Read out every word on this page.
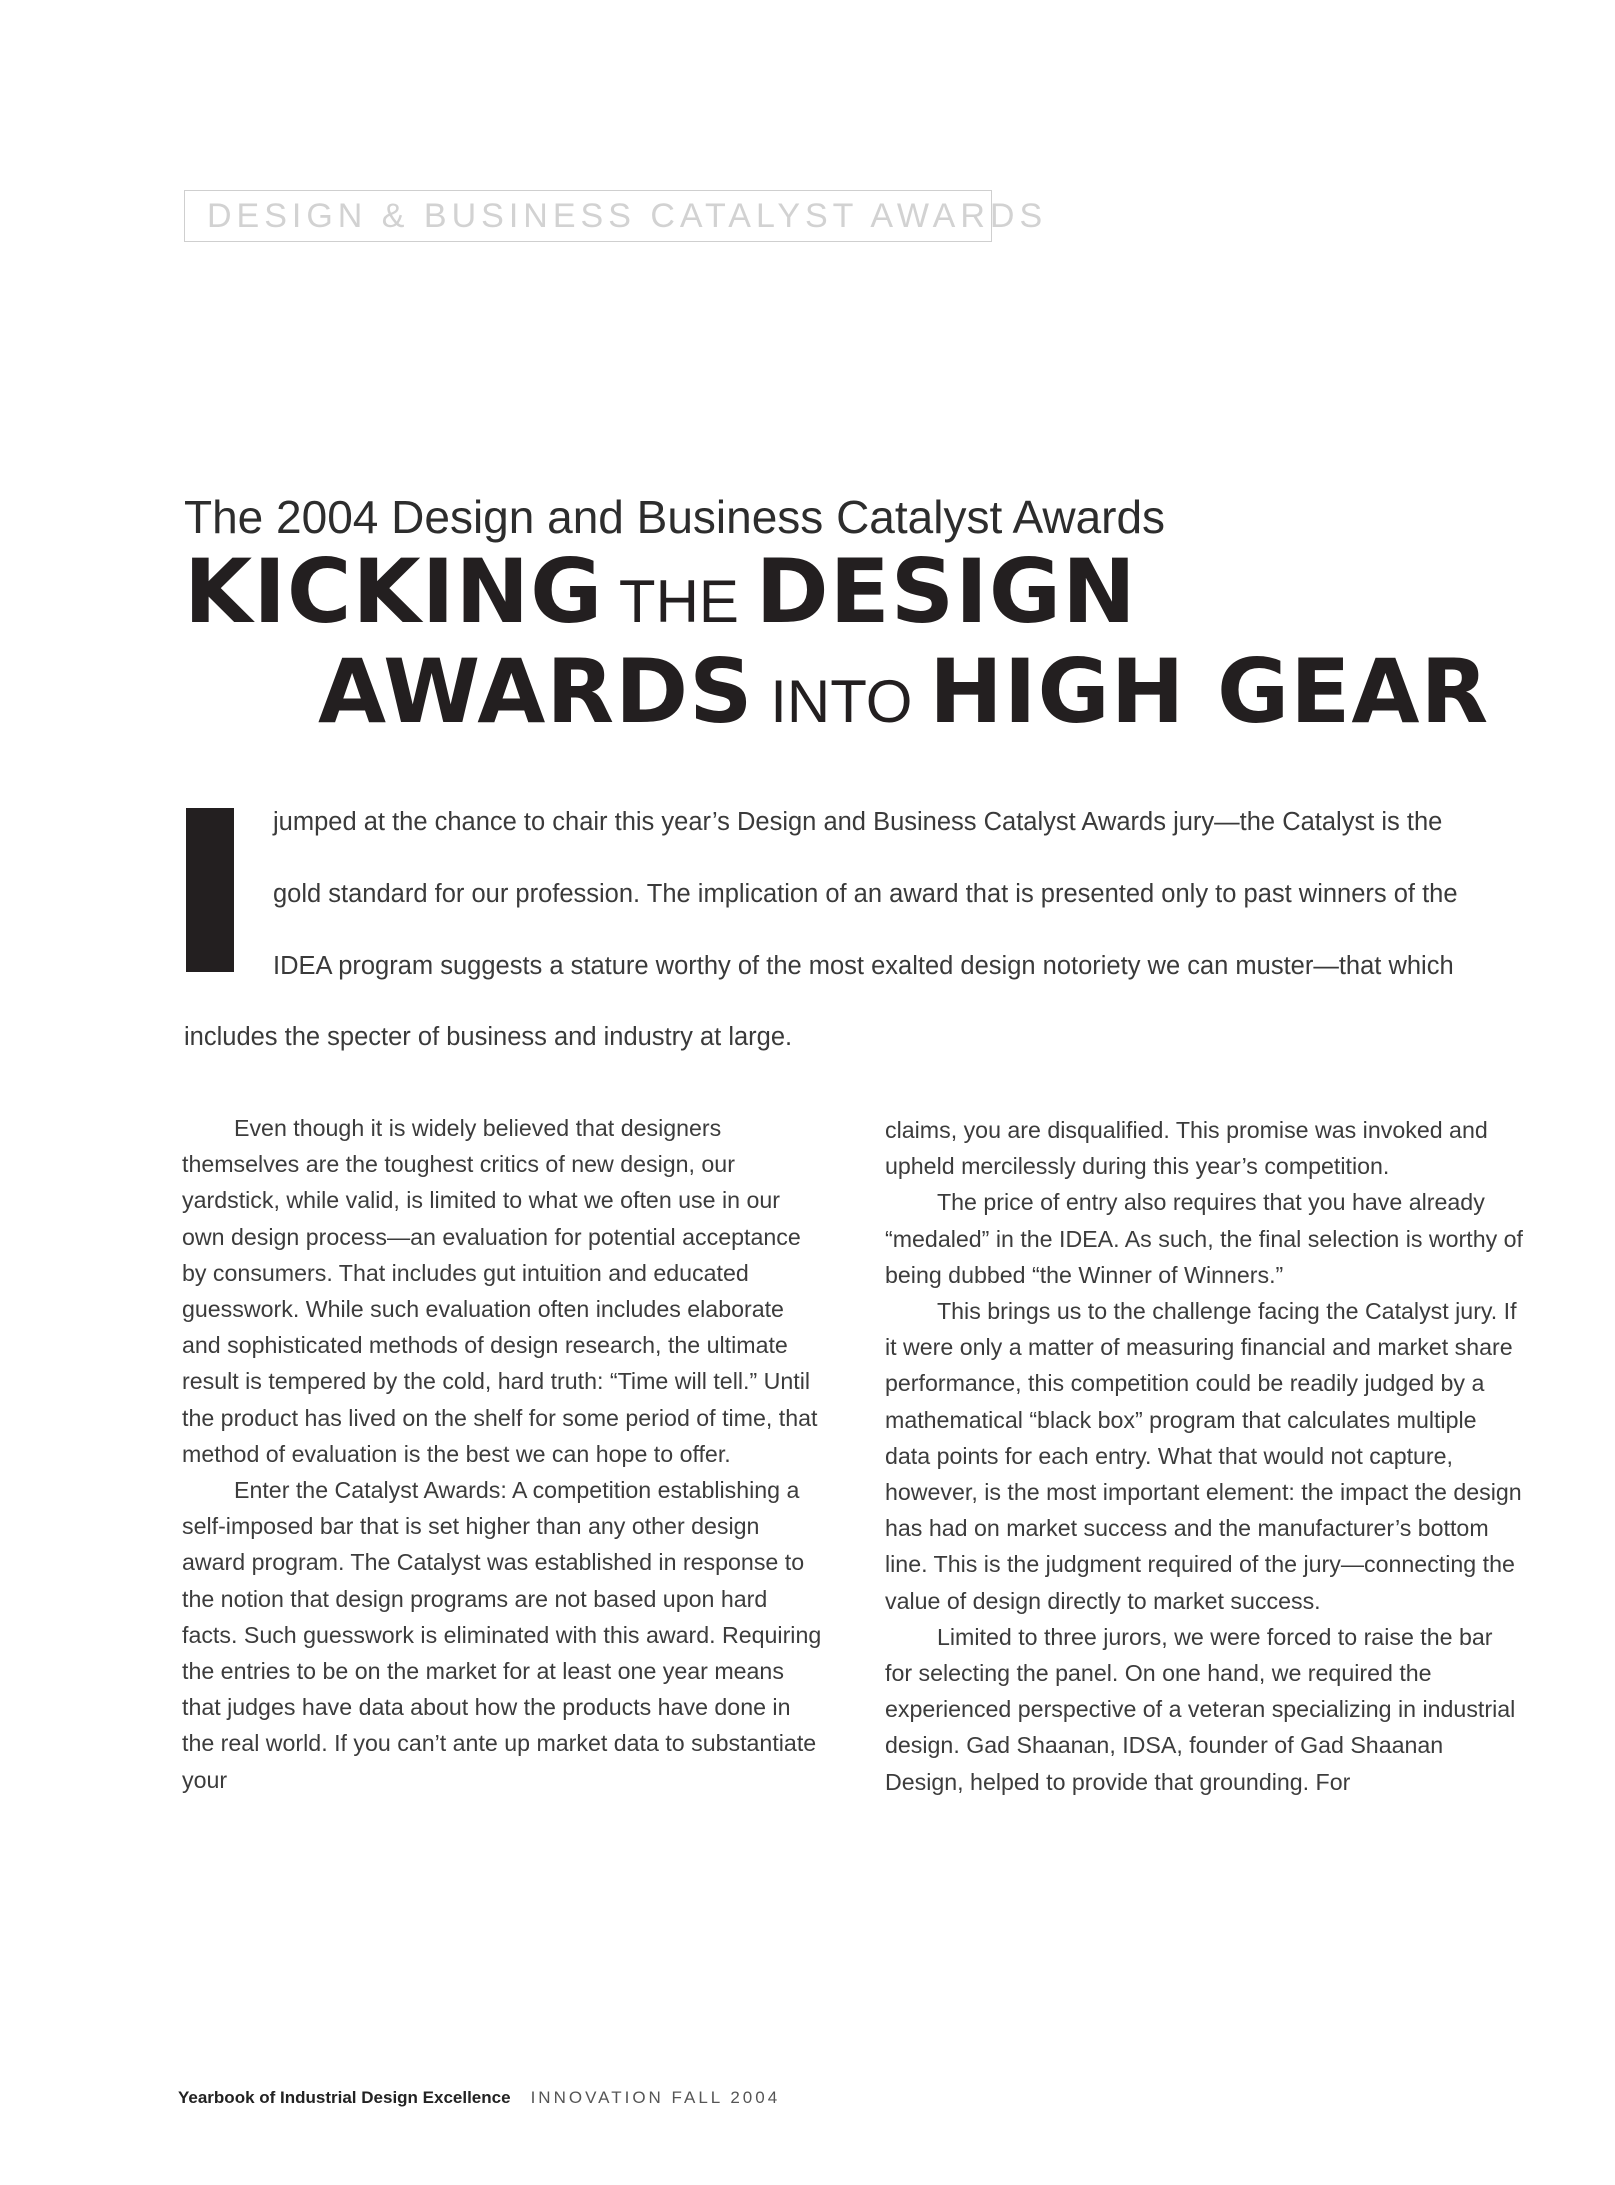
DESIGN & BUSINESS CATALYST AWARDS
The 2004 Design and Business Catalyst Awards
KICKING THE DESIGN
AWARDS INTO HIGH GEAR
I	jumped at the chance to chair this year’s Design and Business Catalyst Awards jury—the Catalyst is the
gold standard for our profession. The implication of an award that is presented only to past winners of the
IDEA program suggests a stature worthy of the most exalted design notoriety we can muster—that which
includes the specter of business and industry at large.

Even though it is widely believed that designers themselves are the toughest critics of new design, our yardstick, while valid, is limited to what we often use in our own design process—an evaluation for potential acceptance by consumers. That includes gut intuition and educated guesswork. While such evaluation often includes elaborate and sophisticated methods of design research, the ultimate result is tempered by the cold, hard truth: “Time will tell.” Until the product has lived on the shelf for some period of time, that method of evaluation is the best we can hope to offer.

Enter the Catalyst Awards: A competition establishing a self-imposed bar that is set higher than any other design award program. The Catalyst was established in response to the notion that design programs are not based upon hard facts. Such guesswork is eliminated with this award. Requiring the entries to be on the market for at least one year means that judges have data about how the products have done in the real world. If you can’t ante up market data to substantiate your

claims, you are disqualified. This promise was invoked and upheld mercilessly during this year’s competition.

The price of entry also requires that you have already “medaled” in the IDEA. As such, the final selection is worthy of being dubbed “the Winner of Winners.”

This brings us to the challenge facing the Catalyst jury. If it were only a matter of measuring financial and market share performance, this competition could be readily judged by a mathematical “black box” program that calculates multiple data points for each entry. What that would not capture, however, is the most important element: the impact the design has had on market success and the manufacturer’s bottom line. This is the judgment required of the jury—connecting the value of design directly to market success.

Limited to three jurors, we were forced to raise the bar for selecting the panel. On one hand, we required the experienced perspective of a veteran specializing in industrial design. Gad Shaanan, IDSA, founder of Gad Shaanan Design, helped to provide that grounding. For

Yearbook of Industrial Design Excellence INNOVATION FALL 2004
